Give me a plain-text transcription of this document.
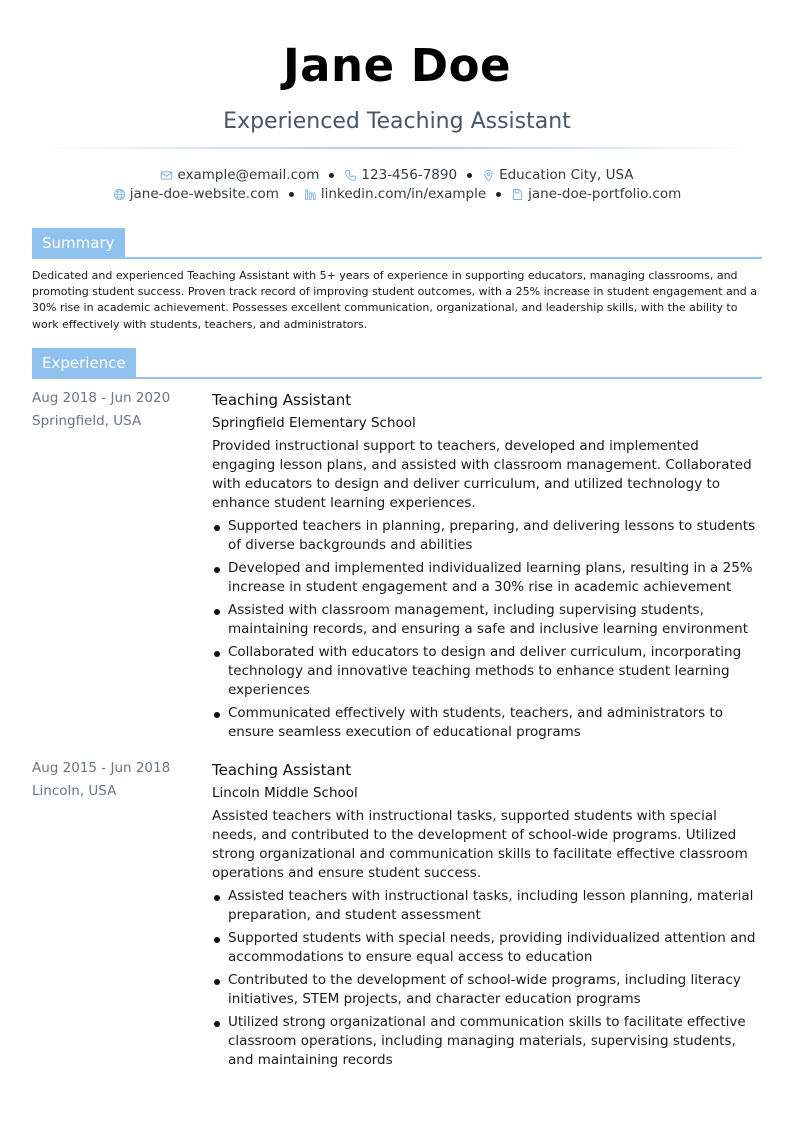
Jane Doe
Experienced Teaching Assistant
example@email.com	123-456-7890	Education City, USA
jane-doe-website.com	linkedin.com/in/example	jane-doe-portfolio.com
Summary
Dedicated and experienced Teaching Assistant with 5+ years of experience in supporting educators, managing classrooms, and promoting student success. Proven track record of improving student outcomes, with a 25% increase in student engagement and a 30% rise in academic achievement. Possesses excellent communication, organizational, and leadership skills, with the ability to work effectively with students, teachers, and administrators.
Experience
Aug 2018 - Jun 2020
Springfield, USA
Teaching Assistant
Springfield Elementary School
Provided instructional support to teachers, developed and implemented engaging lesson plans, and assisted with classroom management. Collaborated with educators to design and deliver curriculum, and utilized technology to enhance student learning experiences.
Supported teachers in planning, preparing, and delivering lessons to students of diverse backgrounds and abilities
Developed and implemented individualized learning plans, resulting in a 25% increase in student engagement and a 30% rise in academic achievement
Assisted with classroom management, including supervising students, maintaining records, and ensuring a safe and inclusive learning environment
Collaborated with educators to design and deliver curriculum, incorporating technology and innovative teaching methods to enhance student learning experiences
Communicated effectively with students, teachers, and administrators to ensure seamless execution of educational programs
Aug 2015 - Jun 2018
Lincoln, USA
Teaching Assistant
Lincoln Middle School
Assisted teachers with instructional tasks, supported students with special needs, and contributed to the development of school-wide programs. Utilized strong organizational and communication skills to facilitate effective classroom operations and ensure student success.
Assisted teachers with instructional tasks, including lesson planning, material preparation, and student assessment
Supported students with special needs, providing individualized attention and accommodations to ensure equal access to education
Contributed to the development of school-wide programs, including literacy initiatives, STEM projects, and character education programs
Utilized strong organizational and communication skills to facilitate effective classroom operations, including managing materials, supervising students, and maintaining records
